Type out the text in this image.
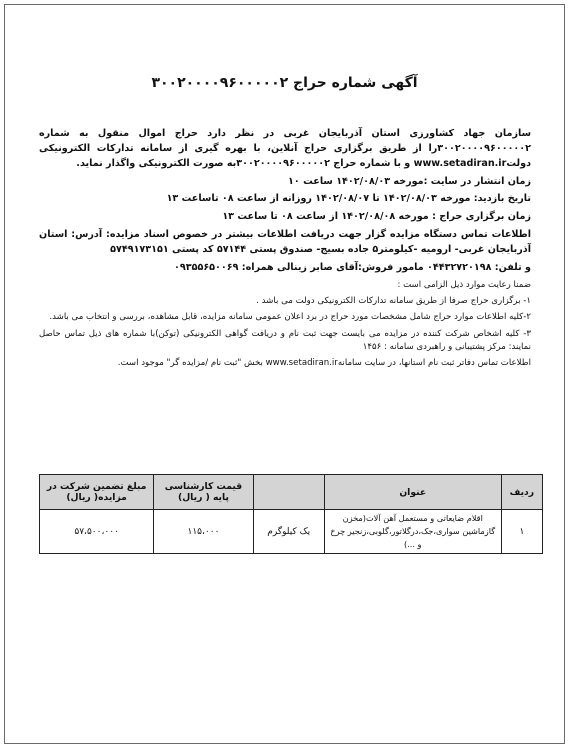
آگهی شماره حراج ۳۰۰۲۰۰۰۰۹۶۰۰۰۰۰۲

سازمان جهاد کشاورزی استان آذربایجان غربی در نظر دارد حراج اموال منقول به شماره ۳۰۰۲۰۰۰۰۹۶۰۰۰۰۰۲را از طریق برگزاری حراج آنلاین، با بهره گیری از سامانه تدارکات الکترونیکی دولتwww.setadiran.ir و با شماره حراج ۳۰۰۲۰۰۰۰۹۶۰۰۰۰۰۲به صورت الکترونیکی واگذار نماید.

زمان انتشار در سایت :مورخه ۱۴۰۲/۰۸/۰۳ ساعت ۱۰

تاریخ بازدید: مورخه ۱۴۰۲/۰۸/۰۳ تا ۱۴۰۲/۰۸/۰۷ روزانه از ساعت ۰۸ تاساعت ۱۳

زمان برگزاری حراج : مورخه ۱۴۰۲/۰۸/۰۸ از ساعت ۰۸ تا ساعت ۱۳

اطلاعات تماس دستگاه مزایده گزار جهت دریافت اطلاعات بیشتر در خصوص اسناد مزایده: آدرس: استان آذربایجان غربی- ارومیه -کیلومتر۵ جاده بسیج- صندوق پستی ۵۷۱۴۴ کد پستی ۵۷۴۹۱۷۳۱۵۱

و تلفن: ۰۴۴۳۲۷۲۰۱۹۸ مامور فروش:آقای صابر زینالی همراه: ۰۹۳۵۵۶۵۰۰۶۹

ضمنا رعایت موارد ذیل الزامی است :

۱- برگزاری حراج صرفا از طریق سامانه تدارکات الکترونیکی دولت می باشد .

۲-کلیه اطلاعات موارد حراج شامل مشخصات مورد حراج در برد اعلان عمومی سامانه مزایده، قابل مشاهده، بررسی و انتخاب می باشد.

۳- کلیه اشخاص شرکت کننده در مزایده می بایست جهت ثبت نام و دریافت گواهی الکترونیکی (توکن)با شماره های ذیل تماس حاصل نمایند: مرکز پشتیبانی و راهبردی سامانه : ۱۴۵۶

اطلاعات تماس دفاتر ثبت نام استانها، در سایت سامانهwww.setadiran.ir بخش "ثبت نام /مزایده گر" موجود است.

ردیف	عنوان		قیمت کارشناسی پایه ( ریال)	مبلغ تضمین شرکت در مزایده( ریال)
۱	اقلام ضایعاتی و مستعمل آهن آلات(مخزن گازماشین سواری،جک،درگلاتور،گلوبی،زنجیر چرخ و ...)	یک کیلوگرم	۱۱۵،۰۰۰	۵۷،۵۰۰،۰۰۰
